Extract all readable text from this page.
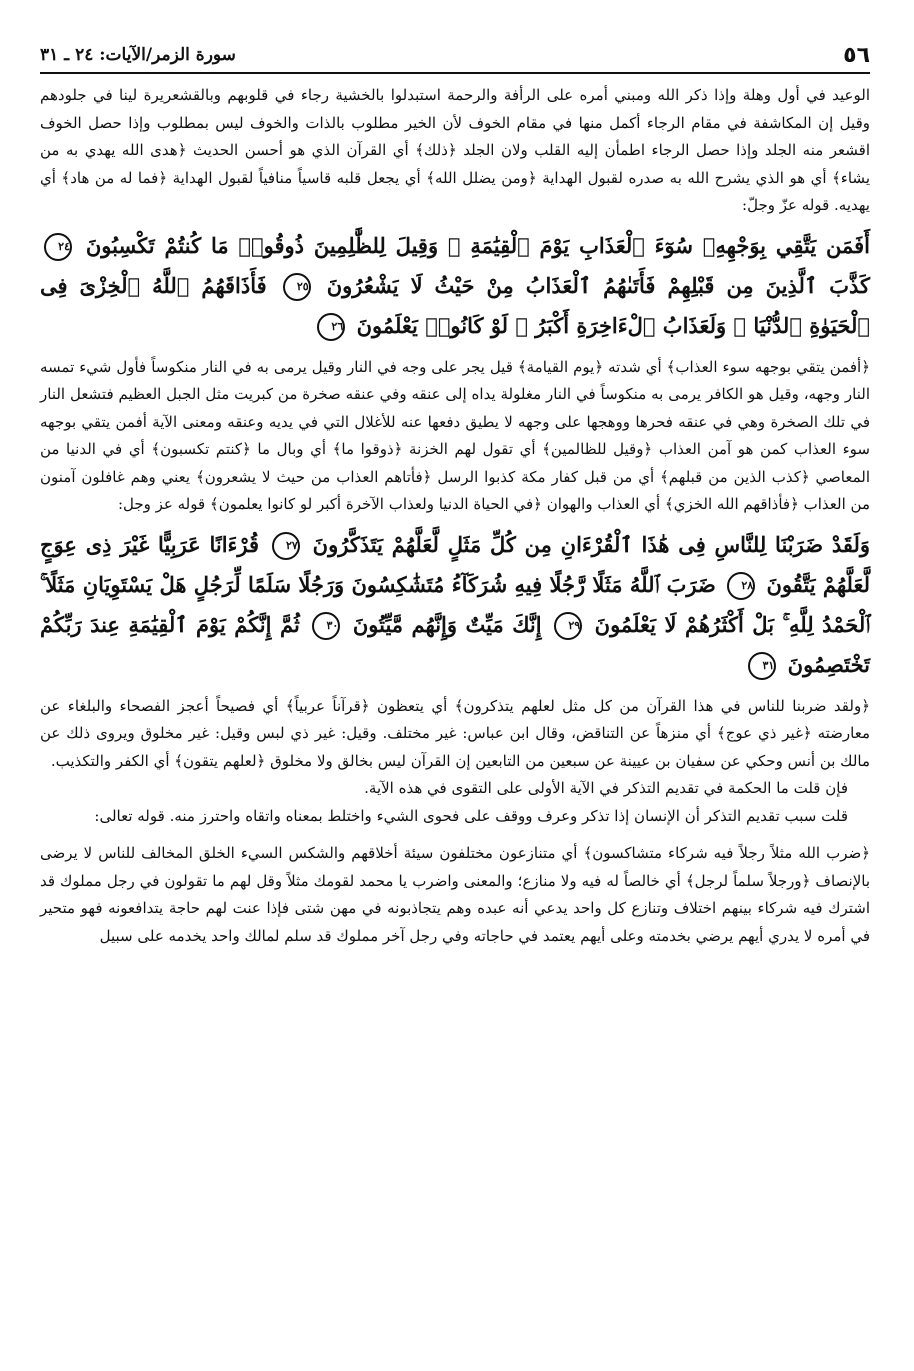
٥٦
سورة الزمر/الآيات: ٢٤ ـ ٣١

الوعيد في أول وهلة وإذا ذكر الله ومبني أمره على الرأفة والرحمة استبدلوا بالخشية رجاء في قلوبهم وبالقشعريرة لينا في جلودهم وقيل إن المكاشفة في مقام الرجاء أكمل منها في مقام الخوف لأن الخير مطلوب بالذات والخوف ليس بمطلوب وإذا حصل الخوف اقشعر منه الجلد وإذا حصل الرجاء اطمأن إليه القلب ولان الجلد ﴿ذلك﴾ أي القرآن الذي هو أحسن الحديث ﴿هدى الله يهدي به من يشاء﴾ أي هو الذي يشرح الله به صدره لقبول الهداية ﴿ومن يضلل الله﴾ أي يجعل قلبه قاسياً منافياً لقبول الهداية ﴿فما له من هاد﴾ أي يهديه. قوله عزّ وجلّ:

أَفَمَن يَتَّقِي بِوَجْهِهِۦ سُوٓءَ ٱلْعَذَابِ يَوْمَ ٱلْقِيَٰمَةِ ۚ وَقِيلَ لِلظَّٰلِمِينَ ذُوقُوا۟ مَا كُنتُمْ تَكْسِبُونَ ٢٤ كَذَّبَ ٱلَّذِينَ مِن قَبْلِهِمْ فَأَتَىٰهُمُ ٱلْعَذَابُ مِنْ حَيْثُ لَا يَشْعُرُونَ ٢٥ فَأَذَاقَهُمُ ٱللَّهُ ٱلْخِزْىَ فِى ٱلْحَيَوٰةِ ٱلدُّنْيَا ۖ وَلَعَذَابُ ٱلْءَاخِرَةِ أَكْبَرُ ۚ لَوْ كَانُوا۟ يَعْلَمُونَ ٢٦

﴿أفمن يتقي بوجهه سوء العذاب﴾ أي شدته ﴿يوم القيامة﴾ قيل يجر على وجه في النار وقيل يرمى به في النار منكوساً فأول شيء تمسه النار وجهه، وقيل هو الكافر يرمى به منكوساً في النار مغلولة يداه إلى عنقه وفي عنقه صخرة من كبريت مثل الجبل العظيم فتشعل النار في تلك الصخرة وهي في عنقه فحرها ووهجها على وجهه لا يطيق دفعها عنه للأغلال التي في يديه وعنقه ومعنى الآية أفمن يتقي بوجهه سوء العذاب كمن هو آمن العذاب ﴿وقيل للظالمين﴾ أي تقول لهم الخزنة ﴿ذوقوا ما﴾ أي وبال ما ﴿كنتم تكسبون﴾ أي في الدنيا من المعاصي ﴿كذب الذين من قبلهم﴾ أي من قبل كفار مكة كذبوا الرسل ﴿فأتاهم العذاب من حيث لا يشعرون﴾ يعني وهم غافلون آمنون من العذاب ﴿فأذاقهم الله الخزي﴾ أي العذاب والهوان ﴿في الحياة الدنيا ولعذاب الآخرة أكبر لو كانوا يعلمون﴾ قوله عز وجل:

وَلَقَدْ ضَرَبْنَا لِلنَّاسِ فِى هَٰذَا ٱلْقُرْءَانِ مِن كُلِّ مَثَلٍ لَّعَلَّهُمْ يَتَذَكَّرُونَ ٢٧ قُرْءَانًا عَرَبِيًّا غَيْرَ ذِى عِوَجٍ لَّعَلَّهُمْ يَتَّقُونَ ٢٨ ضَرَبَ ٱللَّهُ مَثَلًا رَّجُلًا فِيهِ شُرَكَآءُ مُتَشَٰكِسُونَ وَرَجُلًا سَلَمًا لِّرَجُلٍ هَلْ يَسْتَوِيَانِ مَثَلًا ۚ ٱلْحَمْدُ لِلَّهِ ۚ بَلْ أَكْثَرُهُمْ لَا يَعْلَمُونَ ٢٩ إِنَّكَ مَيِّتٌ وَإِنَّهُم مَّيِّتُونَ ٣٠ ثُمَّ إِنَّكُمْ يَوْمَ ٱلْقِيَٰمَةِ عِندَ رَبِّكُمْ تَخْتَصِمُونَ ٣١

﴿ولقد ضربنا للناس في هذا القرآن من كل مثل لعلهم يتذكرون﴾ أي يتعظون ﴿قرآناً عربياً﴾ أي فصيحاً أعجز الفصحاء والبلغاء عن معارضته ﴿غير ذي عوج﴾ أي منزهاً عن التناقض، وقال ابن عباس: غير مختلف. وقيل: غير ذي لبس وقيل: غير مخلوق ويروى ذلك عن مالك بن أنس وحكي عن سفيان بن عيينة عن سبعين من التابعين إن القرآن ليس بخالق ولا مخلوق ﴿لعلهم يتقون﴾ أي الكفر والتكذيب.

فإن قلت ما الحكمة في تقديم التذكر في الآية الأولى على التقوى في هذه الآية.

قلت سبب تقديم التذكر أن الإنسان إذا تذكر وعرف ووقف على فحوى الشيء واختلط بمعناه واتقاه واحترز منه. قوله تعالى:

﴿ضرب الله مثلاً رجلاً فيه شركاء متشاكسون﴾ أي متنازعون مختلفون سيئة أخلاقهم والشكس السيء الخلق المخالف للناس لا يرضى بالإنصاف ﴿ورجلاً سلماً لرجل﴾ أي خالصاً له فيه ولا منازع؛ والمعنى واضرب يا محمد لقومك مثلاً وقل لهم ما تقولون في رجل مملوك قد اشترك فيه شركاء بينهم اختلاف وتنازع كل واحد يدعي أنه عبده وهم يتجاذبونه في مهن شتى فإذا عنت لهم حاجة يتدافعونه فهو متحير في أمره لا يدري أيهم يرضي بخدمته وعلى أيهم يعتمد في حاجاته وفي رجل آخر مملوك قد سلم لمالك واحد يخدمه على سبيل
